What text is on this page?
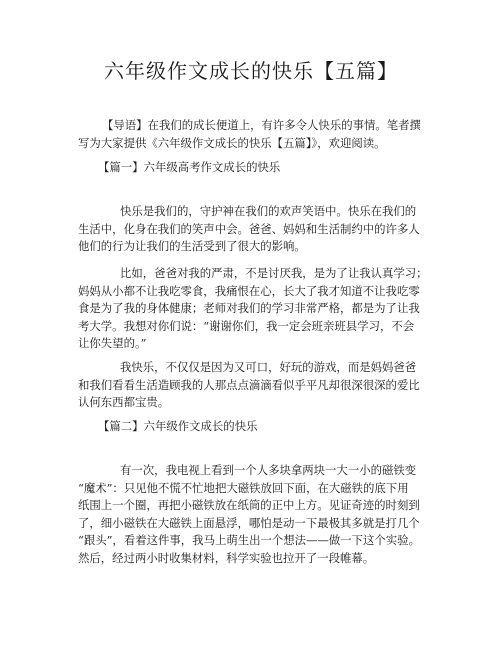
六年级作文成长的快乐【五篇】
【导语】在我们的成长便道上，有许多令人快乐的事情。笔者撰
写为大家提供《六年级作文成长的快乐【五篇】》，欢迎阅读。
【篇一】六年级高考作文成长的快乐
快乐是我们的，守护神在我们的欢声笑语中。快乐在我们的
生活中，化身在我们的笑声中会。爸爸、妈妈和生活制约中的许多人
他们的行为让我们的生活受到了很大的影响。
比如，爸爸对我的严肃，不是讨厌我，是为了让我认真学习；
妈妈从小都不让我吃零食，我痛恨在心，长大了我才知道不让我吃零
食是为了我的身体健康；老师对我们的学习非常严格，都是为了让我
考大学。我想对你们说：“谢谢你们，我一定会班亲班县学习，不会
让你失望的。”
我快乐，不仅仅是因为又可口，好玩的游戏，而是妈妈爸爸
和我们看看生活造顾我的人那点点滴滴看似乎平凡却很深很深的爱比
认何东西都宝贵。
【篇二】六年级作文成长的快乐
有一次，我电视上看到一个人多块拿两块一大一小的磁铁变
“魔术”：只见他不慌不忙地把大磁铁放回下面，在大磁铁的底下用
纸围上一个圈，再把小磁铁放在纸筒的正中上方。见证奇迹的时刻到
了，细小磁铁在大磁铁上面悬浮，哪怕是动一下最极其多就是打几个
“跟头”，看着这件事，我马上萌生出一个想法——做一下这个实验。
然后，经过两小时收集材料，科学实验也拉开了一段帷幕。
